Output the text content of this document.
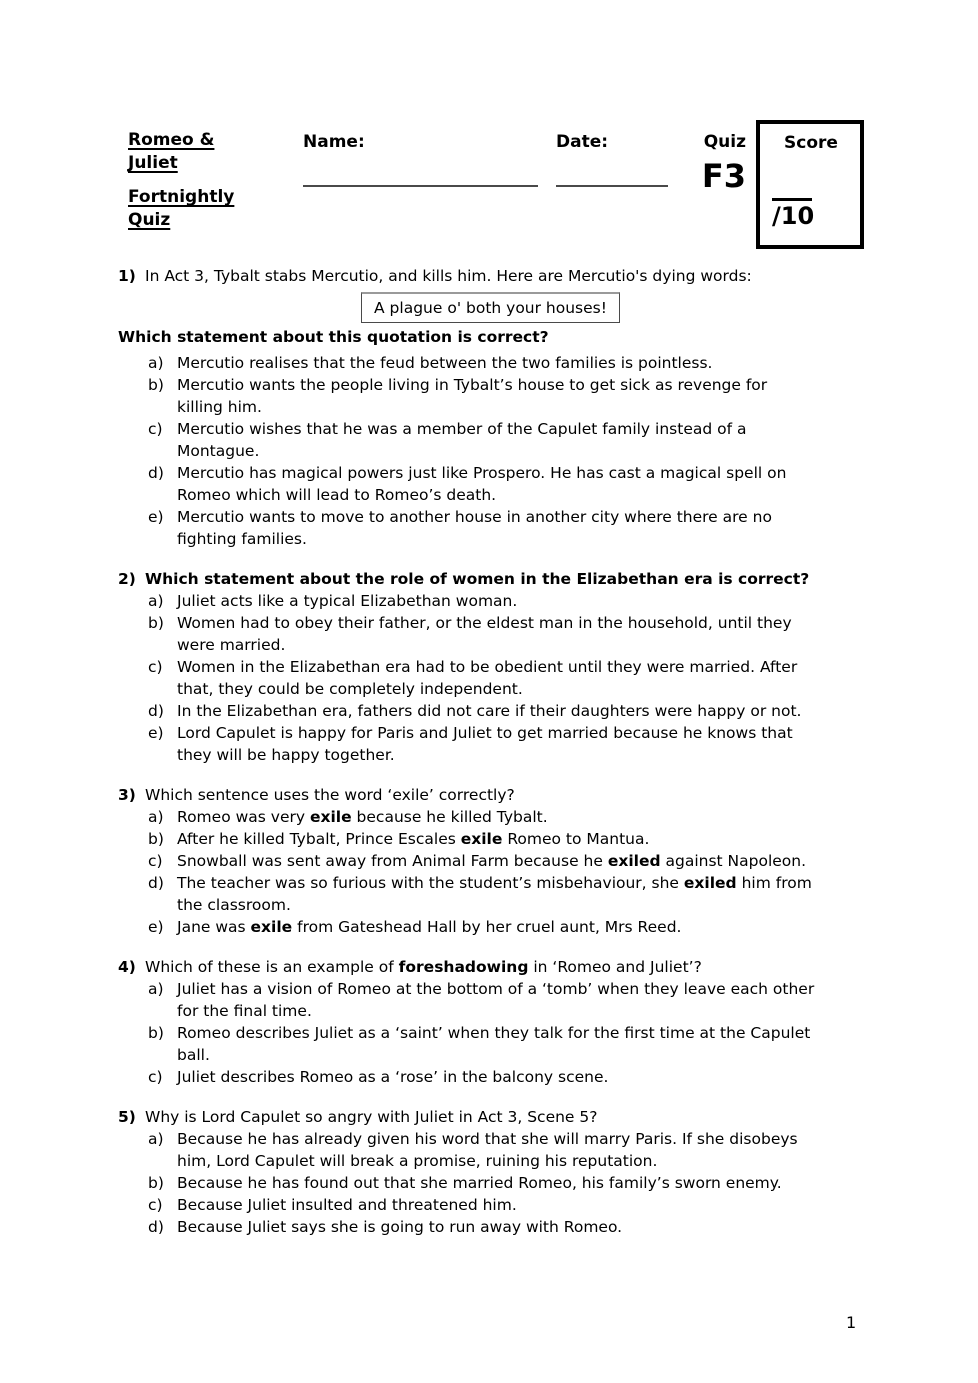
Romeo & Juliet

Fortnightly Quiz

Name:	Date:	Quiz
F3
Score
/10
1) In Act 3, Tybalt stabs Mercutio, and kills him. Here are Mercutio's dying words:
A plague o' both your houses!
Which statement about this quotation is correct?
a) Mercutio realises that the feud between the two families is pointless.
b) Mercutio wants the people living in Tybalt’s house to get sick as revenge for
killing him.
c) Mercutio wishes that he was a member of the Capulet family instead of a
Montague.
d) Mercutio has magical powers just like Prospero. He has cast a magical spell on
Romeo which will lead to Romeo’s death.
e) Mercutio wants to move to another house in another city where there are no
fighting families.
2) Which statement about the role of women in the Elizabethan era is correct?
a) Juliet acts like a typical Elizabethan woman.
b) Women had to obey their father, or the eldest man in the household, until they
were married.
c) Women in the Elizabethan era had to be obedient until they were married. After
that, they could be completely independent.
d) In the Elizabethan era, fathers did not care if their daughters were happy or not.
e) Lord Capulet is happy for Paris and Juliet to get married because he knows that
they will be happy together.
3) Which sentence uses the word ‘exile’ correctly?
a) Romeo was very exile because he killed Tybalt.
b) After he killed Tybalt, Prince Escales exile Romeo to Mantua.
c) Snowball was sent away from Animal Farm because he exiled against Napoleon.
d) The teacher was so furious with the student’s misbehaviour, she exiled him from
the classroom.
e) Jane was exile from Gateshead Hall by her cruel aunt, Mrs Reed.
4) Which of these is an example of foreshadowing in ‘Romeo and Juliet’?
a) Juliet has a vision of Romeo at the bottom of a ‘tomb’ when they leave each other
for the final time.
b) Romeo describes Juliet as a ‘saint’ when they talk for the first time at the Capulet
ball.
c) Juliet describes Romeo as a ‘rose’ in the balcony scene.
5) Why is Lord Capulet so angry with Juliet in Act 3, Scene 5?
a) Because he has already given his word that she will marry Paris. If she disobeys
him, Lord Capulet will break a promise, ruining his reputation.
b) Because he has found out that she married Romeo, his family’s sworn enemy.
c) Because Juliet insulted and threatened him.
d) Because Juliet says she is going to run away with Romeo.
1
